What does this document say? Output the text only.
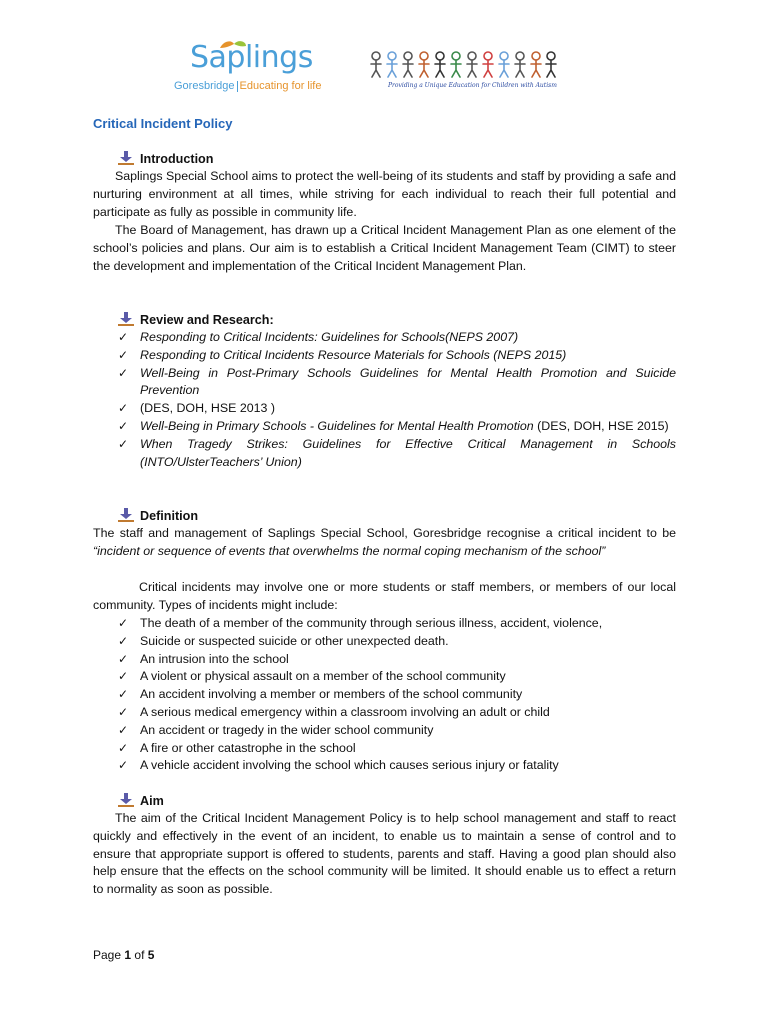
Saplings
Goresbridge Educating for life	Providing a Unique Education for Children with Autism
Critical Incident Policy
Introduction
Saplings Special School aims to protect the well-being of its students and staff by providing a safe and nurturing environment at all times, while striving for each individual to reach their full potential and participate as fully as possible in community life.
The Board of Management, has drawn up a Critical Incident Management Plan as one element of the school’s policies and plans. Our aim is to establish a Critical Incident Management Team (CIMT) to steer the development and implementation of the Critical Incident Management Plan.
Review and Research:
✓ Responding to Critical Incidents: Guidelines for Schools(NEPS 2007)
✓ Responding to Critical Incidents Resource Materials for Schools (NEPS 2015)
✓ Well-Being in Post-Primary Schools Guidelines for Mental Health Promotion and Suicide Prevention
✓ (DES, DOH, HSE 2013 )
✓ Well-Being in Primary Schools - Guidelines for Mental Health Promotion (DES, DOH, HSE 2015)
✓ When Tragedy Strikes: Guidelines for Effective Critical Management in Schools (INTO/UlsterTeachers’ Union)
Definition
The staff and management of Saplings Special School, Goresbridge recognise a critical incident to be “incident or sequence of events that overwhelms the normal coping mechanism of the school”
Critical incidents may involve one or more students or staff members, or members of our local community. Types of incidents might include:
✓ The death of a member of the community through serious illness, accident, violence,
✓ Suicide or suspected suicide or other unexpected death.
✓ An intrusion into the school
✓ A violent or physical assault on a member of the school community
✓ An accident involving a member or members of the school community
✓ A serious medical emergency within a classroom involving an adult or child
✓ An accident or tragedy in the wider school community
✓ A fire or other catastrophe in the school
✓ A vehicle accident involving the school which causes serious injury or fatality
Aim
The aim of the Critical Incident Management Policy is to help school management and staff to react quickly and effectively in the event of an incident, to enable us to maintain a sense of control and to ensure that appropriate support is offered to students, parents and staff. Having a good plan should also help ensure that the effects on the school community will be limited. It should enable us to effect a return to normality as soon as possible.
Page 1 of 5
